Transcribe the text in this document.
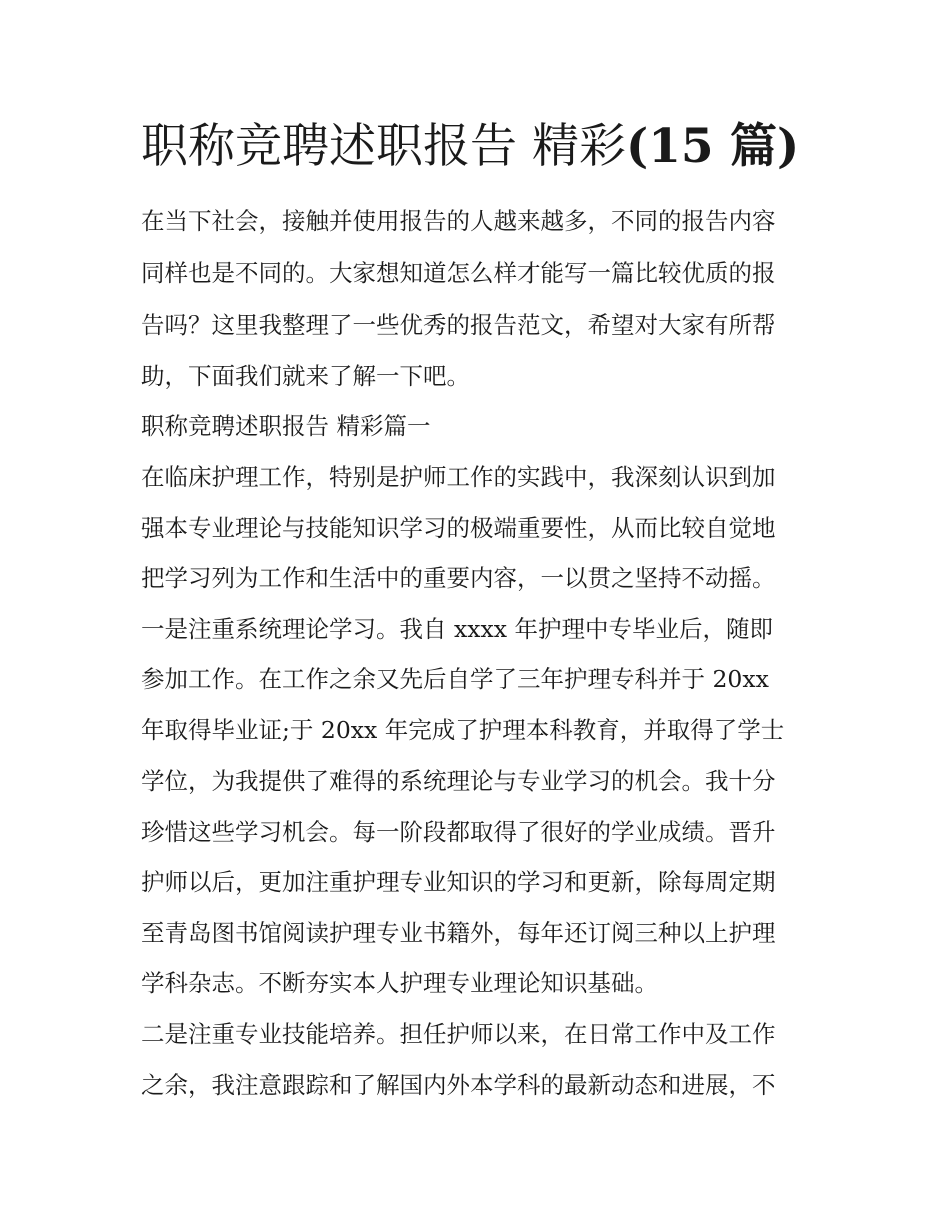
职称竞聘述职报告 精彩(15 篇)

在当下社会，接触并使用报告的人越来越多，不同的报告内容

同样也是不同的。大家想知道怎么样才能写一篇比较优质的报

告吗？这里我整理了一些优秀的报告范文，希望对大家有所帮

助，下面我们就来了解一下吧。

职称竞聘述职报告 精彩篇一

在临床护理工作，特别是护师工作的实践中，我深刻认识到加

强本专业理论与技能知识学习的极端重要性，从而比较自觉地

把学习列为工作和生活中的重要内容，一以贯之坚持不动摇。

一是注重系统理论学习。我自 xxxx 年护理中专毕业后，随即

参加工作。在工作之余又先后自学了三年护理专科并于 20xx

年取得毕业证;于 20xx 年完成了护理本科教育，并取得了学士

学位，为我提供了难得的系统理论与专业学习的机会。我十分

珍惜这些学习机会。每一阶段都取得了很好的学业成绩。晋升

护师以后，更加注重护理专业知识的学习和更新，除每周定期

至青岛图书馆阅读护理专业书籍外，每年还订阅三种以上护理

学科杂志。不断夯实本人护理专业理论知识基础。

二是注重专业技能培养。担任护师以来，在日常工作中及工作

之余，我注意跟踪和了解国内外本学科的最新动态和进展，不
